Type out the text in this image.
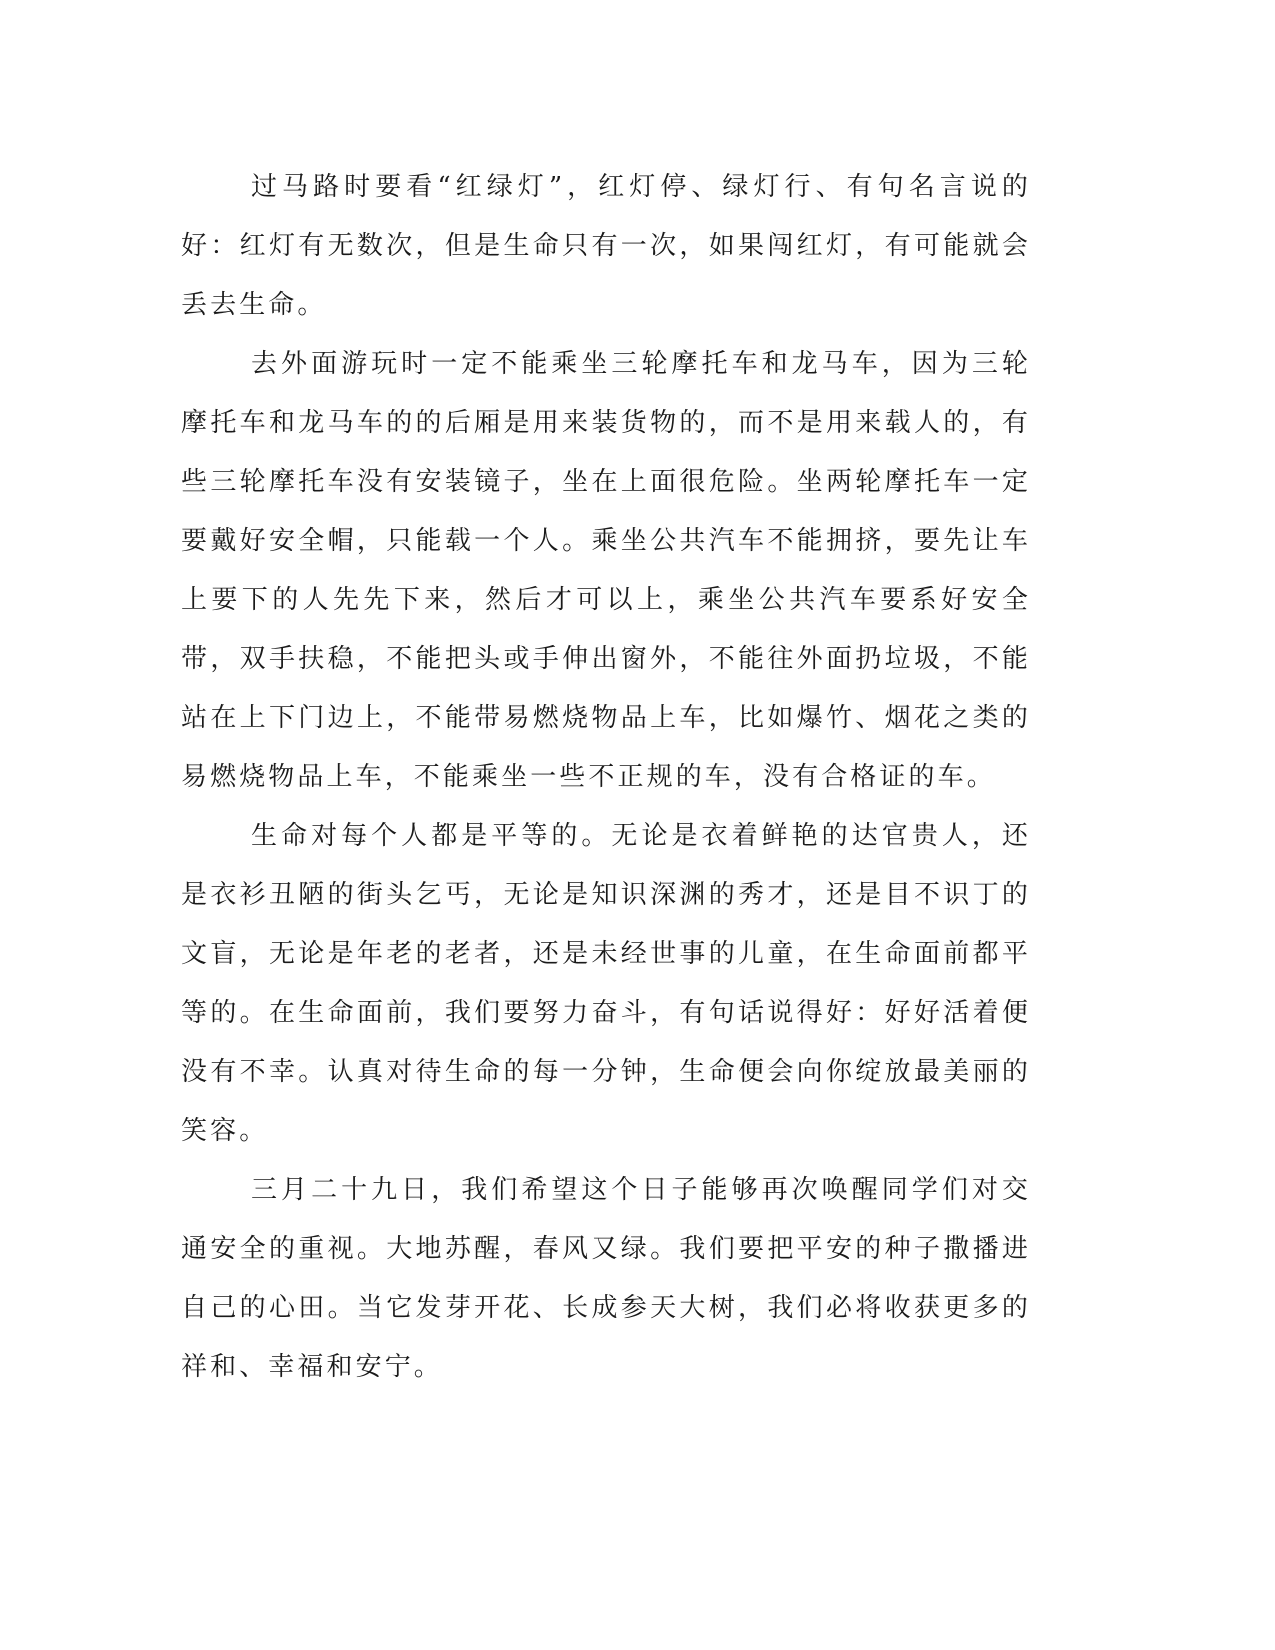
过马路时要看“红绿灯”，红灯停、绿灯行、有句名言说的好：红灯有无数次，但是生命只有一次，如果闯红灯，有可能就会丢去生命。

去外面游玩时一定不能乘坐三轮摩托车和龙马车，因为三轮摩托车和龙马车的的后厢是用来装货物的，而不是用来载人的，有些三轮摩托车没有安装镜子，坐在上面很危险。坐两轮摩托车一定要戴好安全帽，只能载一个人。乘坐公共汽车不能拥挤，要先让车上要下的人先先下来，然后才可以上，乘坐公共汽车要系好安全带，双手扶稳，不能把头或手伸出窗外，不能往外面扔垃圾，不能站在上下门边上，不能带易燃烧物品上车，比如爆竹、烟花之类的易燃烧物品上车，不能乘坐一些不正规的车，没有合格证的车。

生命对每个人都是平等的。无论是衣着鲜艳的达官贵人，还是衣衫丑陋的街头乞丐，无论是知识深渊的秀才，还是目不识丁的文盲，无论是年老的老者，还是未经世事的儿童，在生命面前都平等的。在生命面前，我们要努力奋斗，有句话说得好：好好活着便没有不幸。认真对待生命的每一分钟，生命便会向你绽放最美丽的笑容。

三月二十九日，我们希望这个日子能够再次唤醒同学们对交通安全的重视。大地苏醒，春风又绿。我们要把平安的种子撒播进自己的心田。当它发芽开花、长成参天大树，我们必将收获更多的祥和、幸福和安宁。
